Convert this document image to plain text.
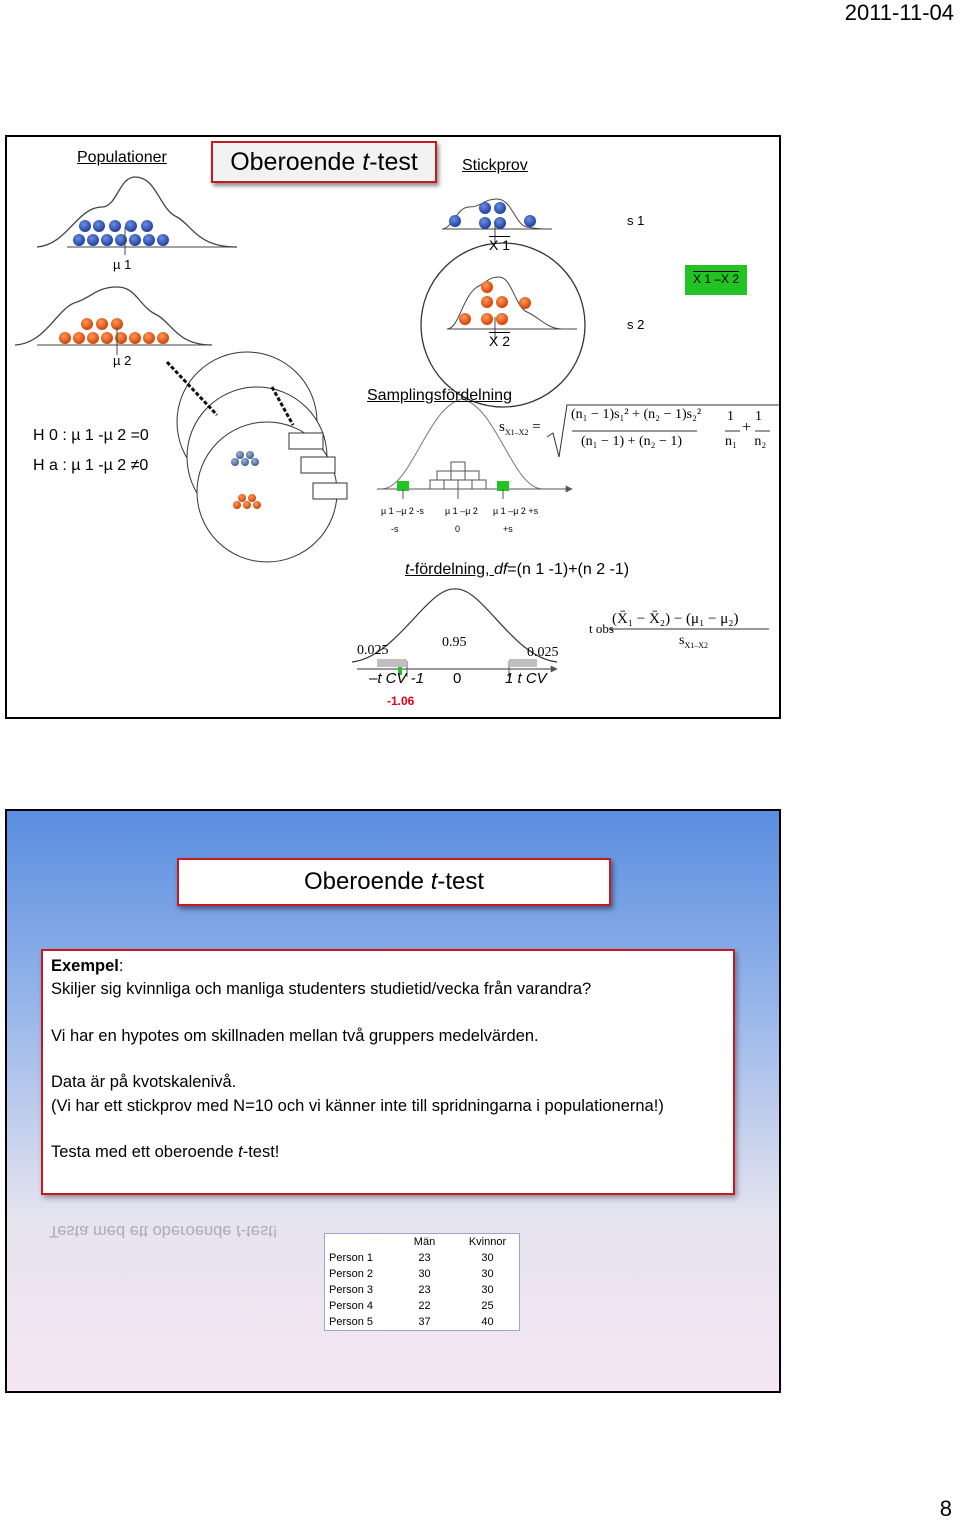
2011-11-04
Populationer	Oberoende t-test	Stickprov
µ 1
µ 2
X 1
X 2
s 1
s 2
X 1 –X 2
H 0 : µ 1 -µ 2 =0
H a : µ 1 -µ 2 ≠0
Samplingsfördelning
µ 1 –µ 2 -s
-s
µ 1 –µ 2
0
µ 1 –µ 2 +s
+s
$s_{X1-X2}$ =
(n₁ − 1)s₁² + (n₂ − 1)s₂²
(n₁ − 1) + (n₂ − 1)
1      1
+
n₁     n₂
t-fördelning, df=(n 1 -1)+(n 2 -1)
0.025
0.95
0.025
–t CV -1 0	1 t CV
-1.06
t obs
(X̄₁ − X̄₂) − (μ₁ − μ₂)
$s_{X1-X2}$
Oberoende t-test

Exempel:

Skiljer sig kvinnliga och manliga studenters studietid/vecka från varandra?

Vi har en hypotes om skillnaden mellan två gruppers medelvärden.

Data är på kvotskalenivå.

(Vi har ett stickprov med N=10 och vi känner inte till spridningarna i populationerna!)

Testa med ett oberoende t-test!

Testa med ett oberoende t-test!
	Män	Kvinnor
Person 1	23	30
Person 2	30	30
Person 3	23	30
Person 4	22	25
Person 5	37	40
8
